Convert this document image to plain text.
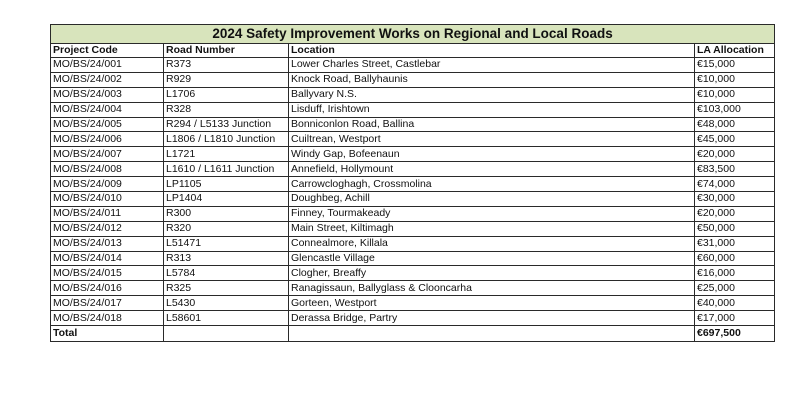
2024 Safety Improvement Works on Regional and Local Roads			
Project Code	Road Number	Location	LA Allocation
MO/BS/24/001	R373	Lower Charles Street, Castlebar	€15,000
MO/BS/24/002	R929	Knock Road, Ballyhaunis	€10,000
MO/BS/24/003	L1706	Ballyvary N.S.	€10,000
MO/BS/24/004	R328	Lisduff, Irishtown	€103,000
MO/BS/24/005	R294 / L5133 Junction	Bonniconlon Road, Ballina	€48,000
MO/BS/24/006	L1806 / L1810 Junction	Cuiltrean, Westport	€45,000
MO/BS/24/007	L1721	Windy Gap, Bofeenaun	€20,000
MO/BS/24/008	L1610 / L1611 Junction	Annefield, Hollymount	€83,500
MO/BS/24/009	LP1105	Carrowcloghagh, Crossmolina	€74,000
MO/BS/24/010	LP1404	Doughbeg, Achill	€30,000
MO/BS/24/011	R300	Finney, Tourmakeady	€20,000
MO/BS/24/012	R320	Main Street, Kiltimagh	€50,000
MO/BS/24/013	L51471	Connealmore, Killala	€31,000
MO/BS/24/014	R313	Glencastle Village	€60,000
MO/BS/24/015	L5784	Clogher, Breaffy	€16,000
MO/BS/24/016	R325	Ranagissaun, Ballyglass & Clooncarha	€25,000
MO/BS/24/017	L5430	Gorteen, Westport	€40,000
MO/BS/24/018	L58601	Derassa Bridge, Partry	€17,000
Total			€697,500
